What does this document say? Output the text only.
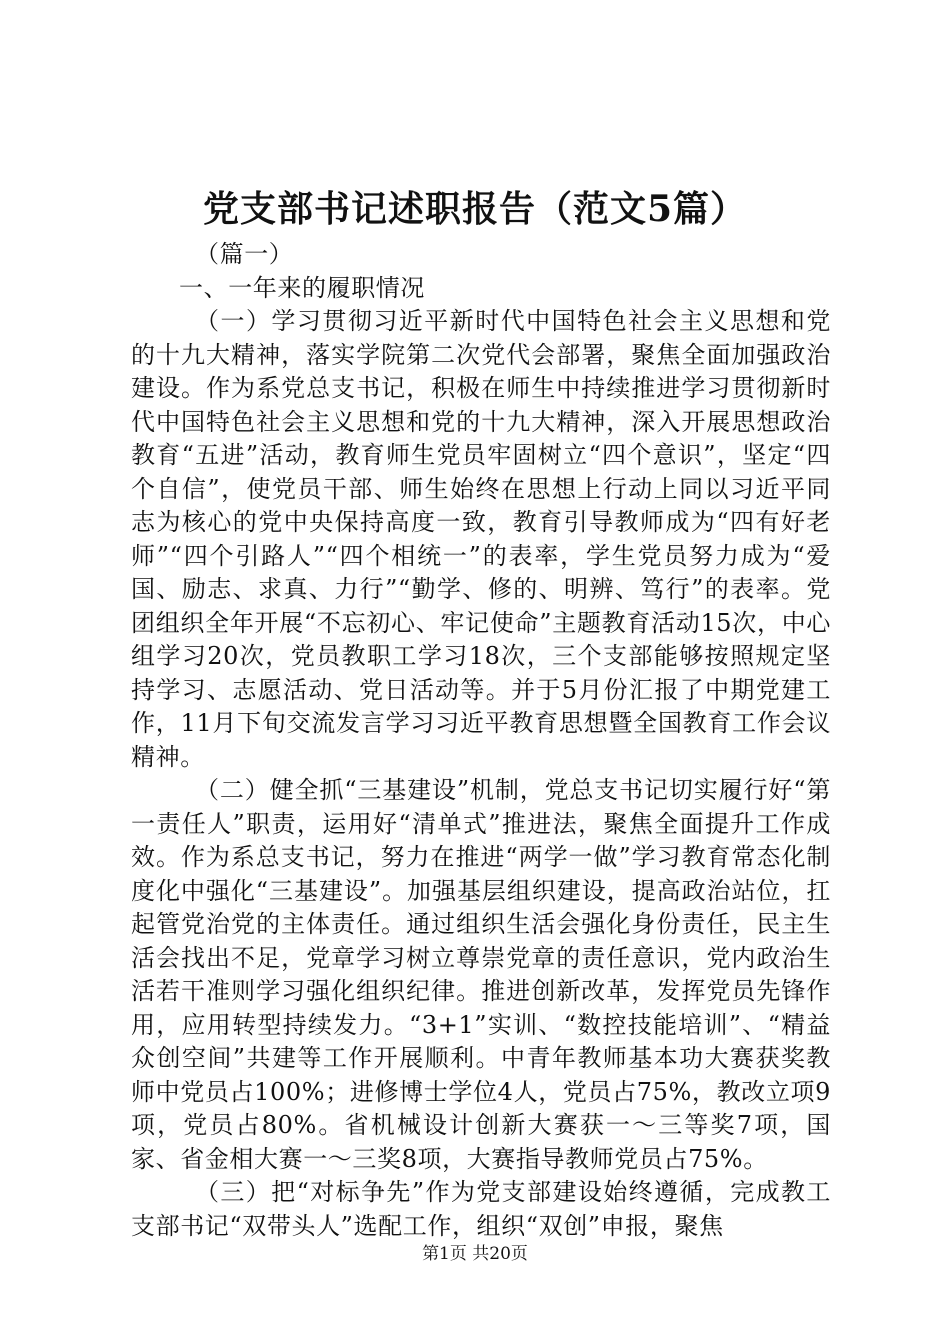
党支部书记述职报告（范文5篇）

（篇一）

一、一年来的履职情况

（一）学习贯彻习近平新时代中国特色社会主义思想和党的十九大精神，落实学院第二次党代会部署，聚焦全面加强政治建设。作为系党总支书记，积极在师生中持续推进学习贯彻新时代中国特色社会主义思想和党的十九大精神，深入开展思想政治教育“五进”活动，教育师生党员牢固树立“四个意识”，坚定“四个自信”，使党员干部、师生始终在思想上行动上同以习近平同志为核心的党中央保持高度一致，教育引导教师成为“四有好老师”“四个引路人”“四个相统一”的表率，学生党员努力成为“爱国、励志、求真、力行”“勤学、修的、明辨、笃行”的表率。党团组织全年开展“不忘初心、牢记使命”主题教育活动15次，中心组学习20次，党员教职工学习18次，三个支部能够按照规定坚持学习、志愿活动、党日活动等。并于5月份汇报了中期党建工作，11月下旬交流发言学习习近平教育思想暨全国教育工作会议精神。

（二）健全抓“三基建设”机制，党总支书记切实履行好“第一责任人”职责，运用好“清单式”推进法，聚焦全面提升工作成效。作为系总支书记，努力在推进“两学一做”学习教育常态化制度化中强化“三基建设”。加强基层组织建设，提高政治站位，扛起管党治党的主体责任。通过组织生活会强化身份责任，民主生活会找出不足，党章学习树立尊崇党章的责任意识，党内政治生活若干准则学习强化组织纪律。推进创新改革，发挥党员先锋作用，应用转型持续发力。“3+1”实训、“数控技能培训”、“精益众创空间”共建等工作开展顺利。中青年教师基本功大赛获奖教师中党员占100%；进修博士学位4人，党员占75%，教改立项9项，党员占80%。省机械设计创新大赛获一～三等奖7项，国家、省金相大赛一～三奖8项，大赛指导教师党员占75%。

（三）把“对标争先”作为党支部建设始终遵循，完成教工支部书记“双带头人”选配工作，组织“双创”申报，聚焦

第1页 共20页
